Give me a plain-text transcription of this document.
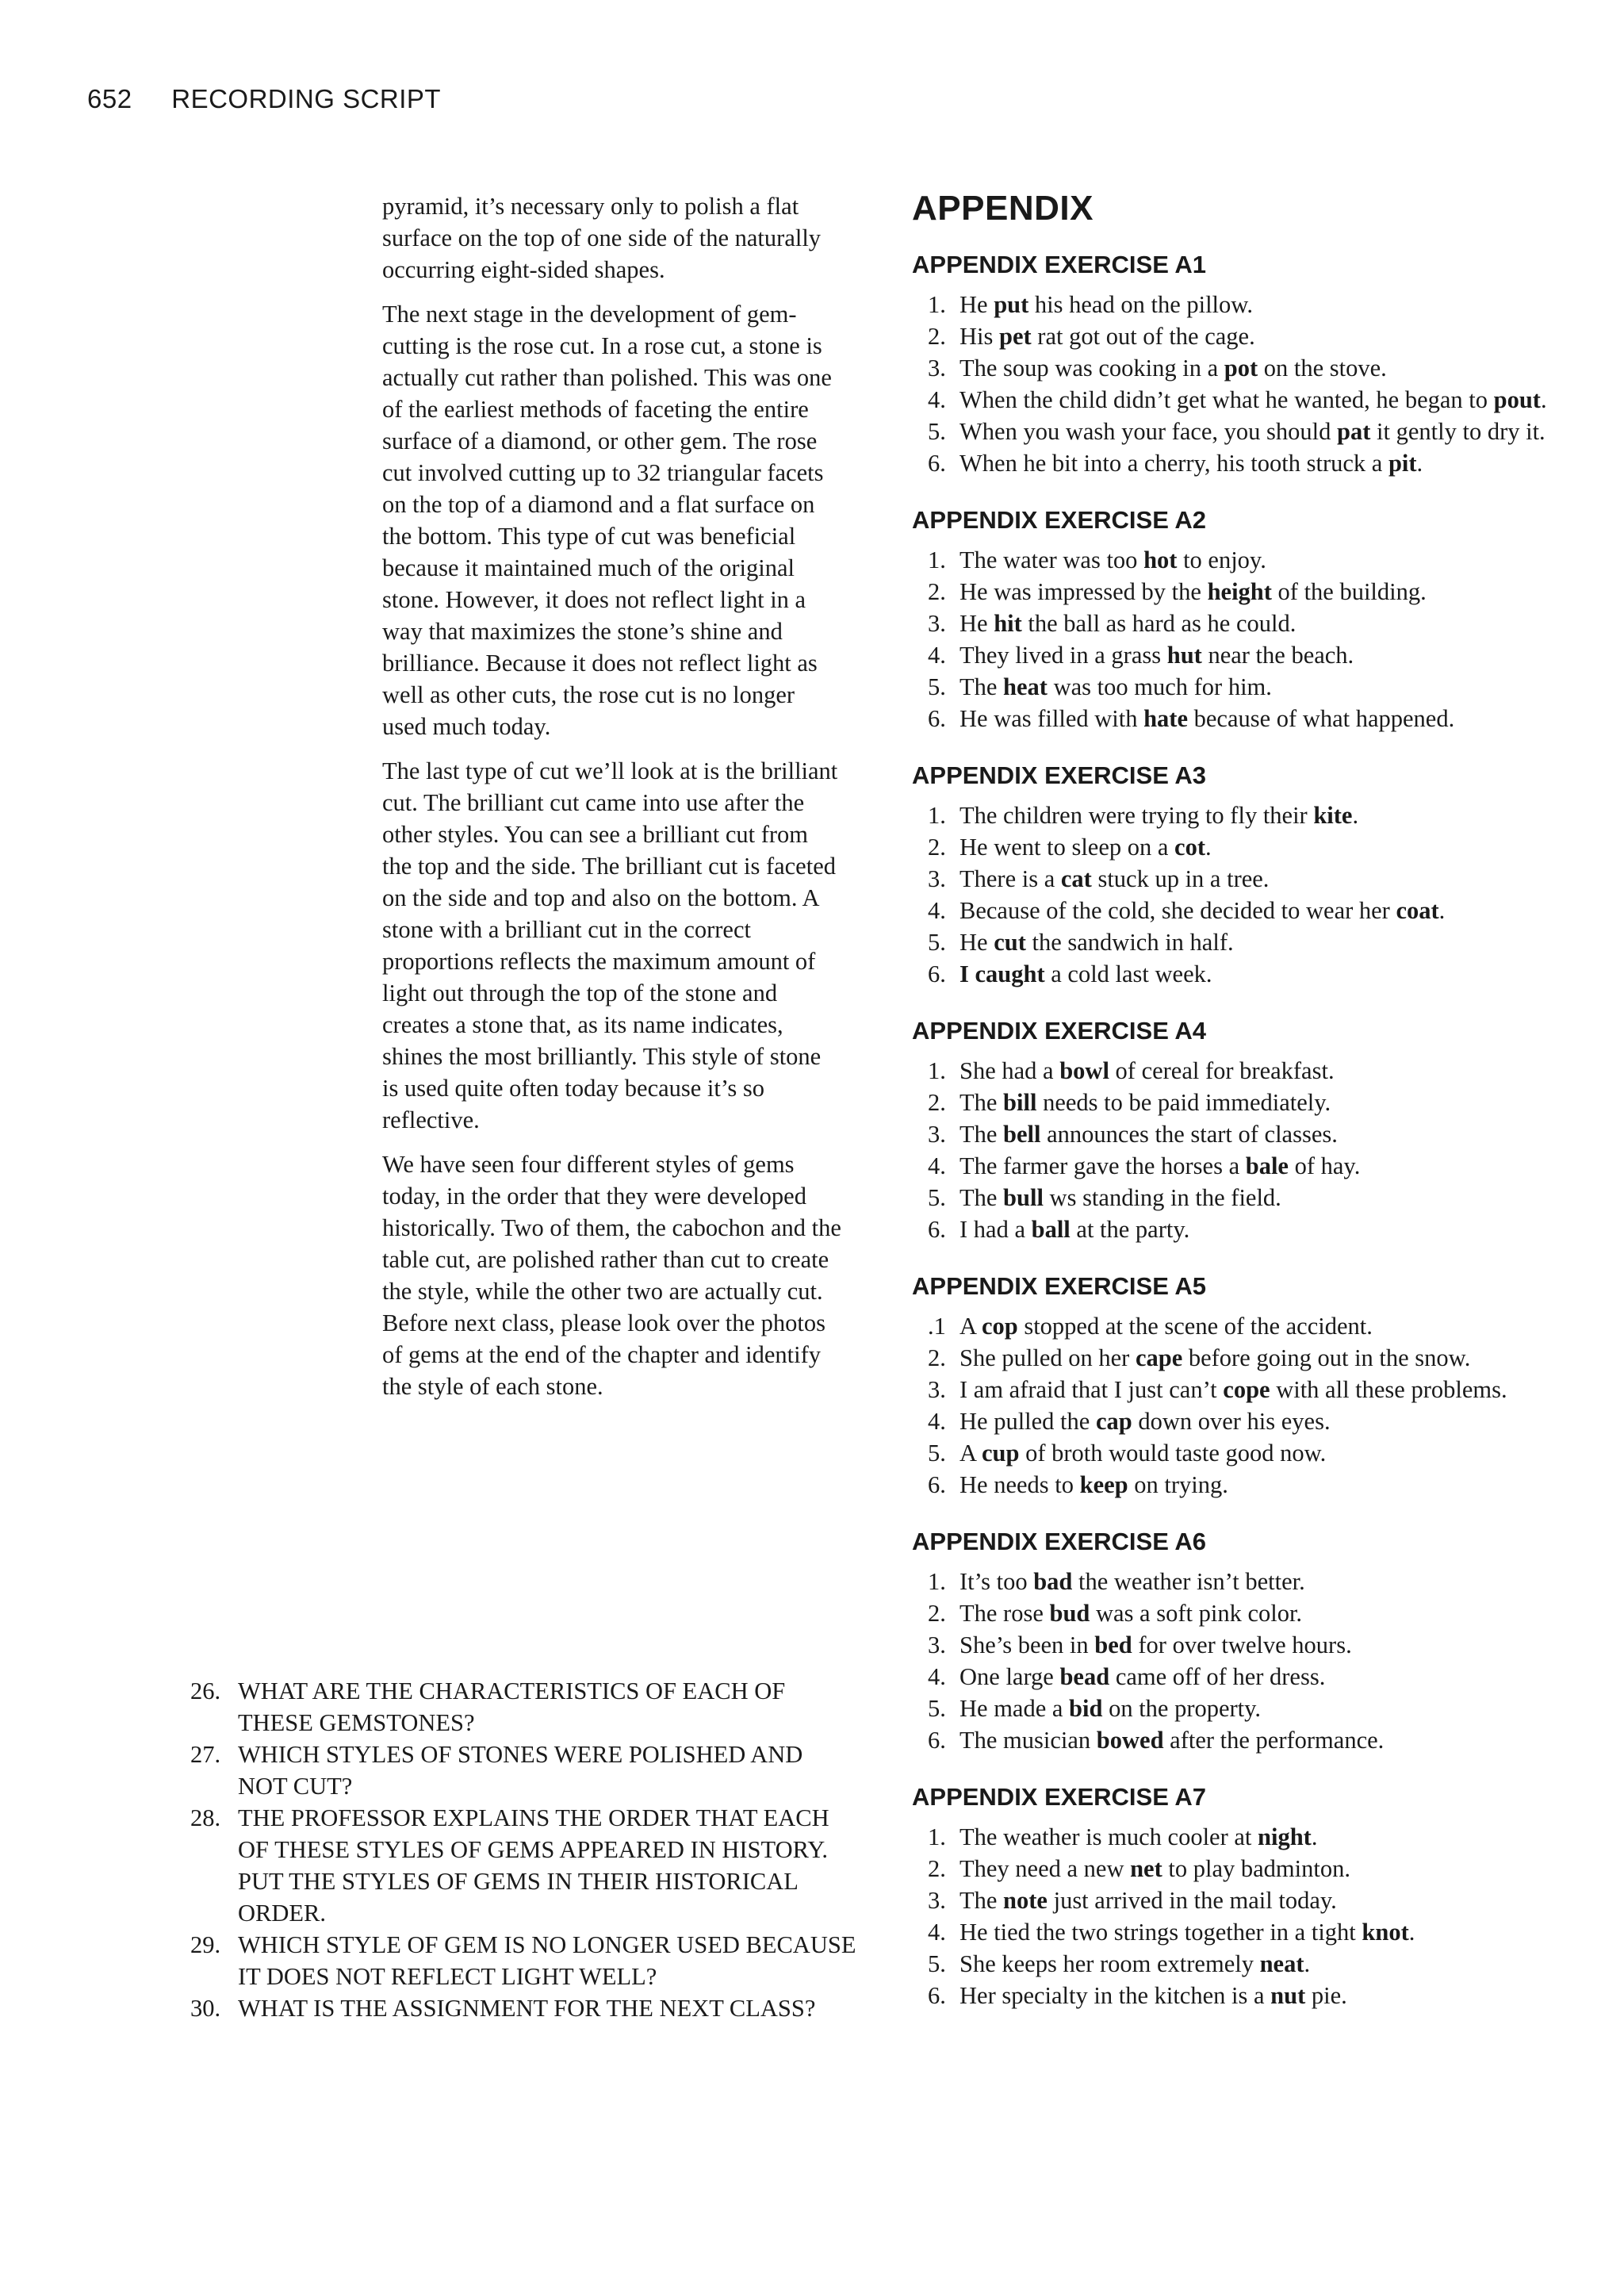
652 RECORDING SCRIPT

pyramid, it’s necessary only to polish a flat surface on the top of one side of the naturally occurring eight-sided shapes.

The next stage in the development of gem-cutting is the rose cut. In a rose cut, a stone is actually cut rather than polished. This was one of the earliest methods of faceting the entire surface of a diamond, or other gem. The rose cut involved cutting up to 32 triangular facets on the top of a diamond and a flat surface on the bottom. This type of cut was beneficial because it maintained much of the original stone. However, it does not reflect light in a way that maximizes the stone’s shine and brilliance. Because it does not reflect light as well as other cuts, the rose cut is no longer used much today.

The last type of cut we’ll look at is the brilliant cut. The brilliant cut came into use after the other styles. You can see a brilliant cut from the top and the side. The brilliant cut is faceted on the side and top and also on the bottom. A stone with a brilliant cut in the correct proportions reflects the maximum amount of light out through the top of the stone and creates a stone that, as its name indicates, shines the most brilliantly. This style of stone is used quite often today because it’s so reflective.

We have seen four different styles of gems today, in the order that they were developed historically. Two of them, the cabochon and the table cut, are polished rather than cut to create the style, while the other two are actually cut. Before next class, please look over the photos of gems at the end of the chapter and identify the style of each stone.

26. WHAT ARE THE CHARACTERISTICS OF EACH OF THESE GEMSTONES?
27. WHICH STYLES OF STONES WERE POLISHED AND NOT CUT?
28. THE PROFESSOR EXPLAINS THE ORDER THAT EACH OF THESE STYLES OF GEMS APPEARED IN HISTORY. PUT THE STYLES OF GEMS IN THEIR HISTORICAL ORDER.
29. WHICH STYLE OF GEM IS NO LONGER USED BECAUSE IT DOES NOT REFLECT LIGHT WELL?
30. WHAT IS THE ASSIGNMENT FOR THE NEXT CLASS?
APPENDIX
APPENDIX EXERCISE A1
1. He put his head on the pillow.
2. His pet rat got out of the cage.
3. The soup was cooking in a pot on the stove.
4. When the child didn’t get what he wanted, he began to pout.
5. When you wash your face, you should pat it gently to dry it.
6. When he bit into a cherry, his tooth struck a pit.
APPENDIX EXERCISE A2
1. The water was too hot to enjoy.
2. He was impressed by the height of the building.
3. He hit the ball as hard as he could.
4. They lived in a grass hut near the beach.
5. The heat was too much for him.
6. He was filled with hate because of what happened.
APPENDIX EXERCISE A3
1. The children were trying to fly their kite.
2. He went to sleep on a cot.
3. There is a cat stuck up in a tree.
4. Because of the cold, she decided to wear her coat.
5. He cut the sandwich in half.
6. I caught a cold last week.
APPENDIX EXERCISE A4
1. She had a bowl of cereal for breakfast.
2. The bill needs to be paid immediately.
3. The bell announces the start of classes.
4. The farmer gave the horses a bale of hay.
5. The bull ws standing in the field.
6. I had a ball at the party.
APPENDIX EXERCISE A5
.1 A cop stopped at the scene of the accident.
2. She pulled on her cape before going out in the snow.
3. I am afraid that I just can’t cope with all these problems.
4. He pulled the cap down over his eyes.
5. A cup of broth would taste good now.
6. He needs to keep on trying.
APPENDIX EXERCISE A6
1. It’s too bad the weather isn’t better.
2. The rose bud was a soft pink color.
3. She’s been in bed for over twelve hours.
4. One large bead came off of her dress.
5. He made a bid on the property.
6. The musician bowed after the performance.
APPENDIX EXERCISE A7
1. The weather is much cooler at night.
2. They need a new net to play badminton.
3. The note just arrived in the mail today.
4. He tied the two strings together in a tight knot.
5. She keeps her room extremely neat.
6. Her specialty in the kitchen is a nut pie.
